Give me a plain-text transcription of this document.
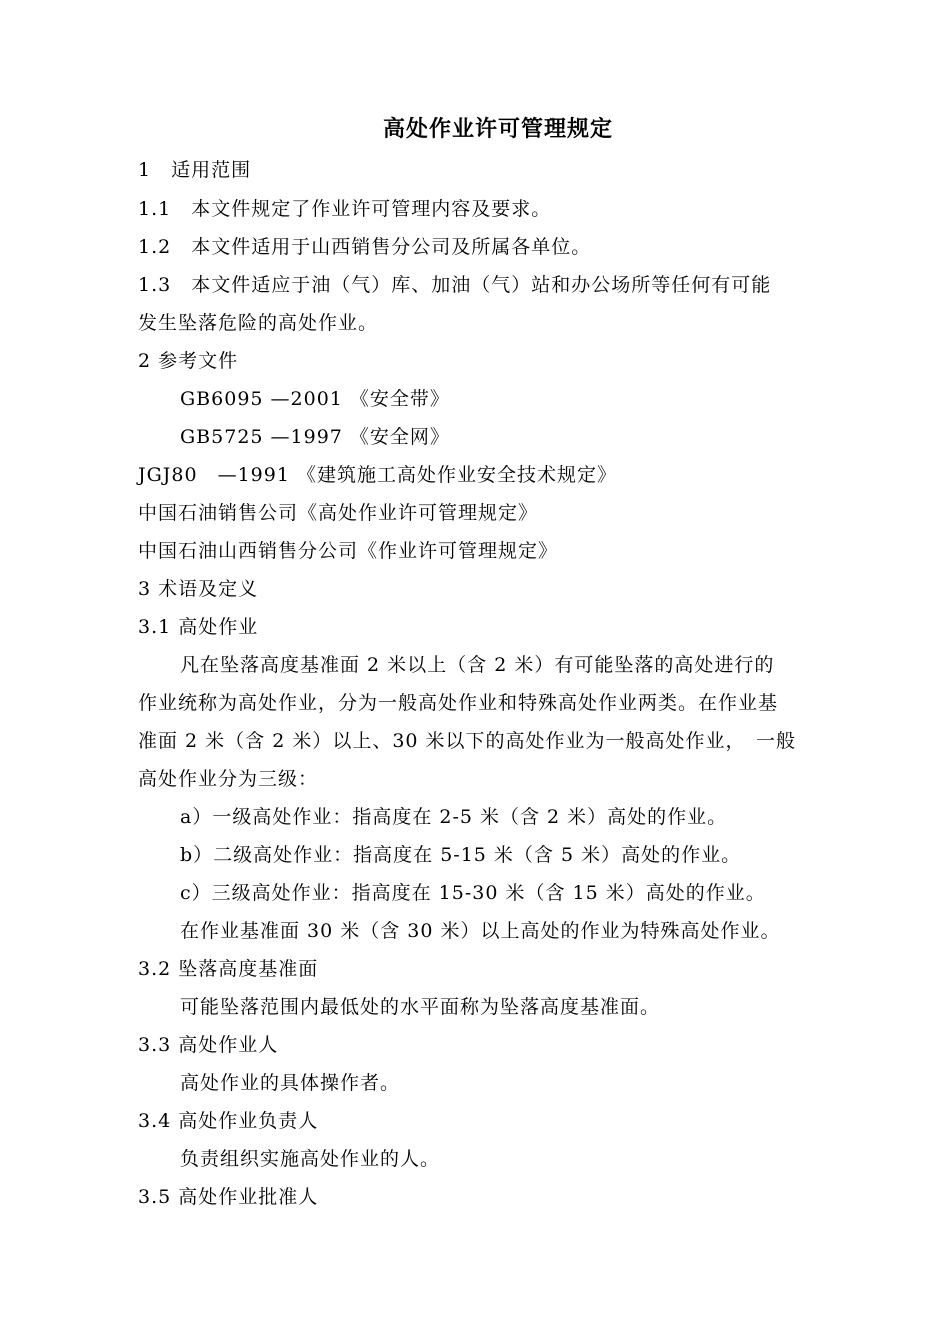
高处作业许可管理规定
1　适用范围
1.1　本文件规定了作业许可管理内容及要求。
1.2　本文件适用于山西销售分公司及所属各单位。
1.3　本文件适应于油（气）库、加油（气）站和办公场所等任何有可能
发生坠落危险的高处作业。
2 参考文件
GB6095 —2001 《安全带》
GB5725 —1997 《安全网》
JGJ80　—1991 《建筑施工高处作业安全技术规定》
中国石油销售公司《高处作业许可管理规定》
中国石油山西销售分公司《作业许可管理规定》
3 术语及定义
3.1 高处作业
凡在坠落高度基准面 2 米以上（含 2 米）有可能坠落的高处进行的
作业统称为高处作业，分为一般高处作业和特殊高处作业两类。在作业基
准面 2 米（含 2 米）以上、30 米以下的高处作业为一般高处作业，　一般
高处作业分为三级：
a）一级高处作业：指高度在 2-5 米（含 2 米）高处的作业。
b）二级高处作业：指高度在 5-15 米（含 5 米）高处的作业。
c）三级高处作业：指高度在 15-30 米（含 15 米）高处的作业。
在作业基准面 30 米（含 30 米）以上高处的作业为特殊高处作业。
3.2 坠落高度基准面
可能坠落范围内最低处的水平面称为坠落高度基准面。
3.3 高处作业人
高处作业的具体操作者。
3.4 高处作业负责人
负责组织实施高处作业的人。
3.5 高处作业批准人
